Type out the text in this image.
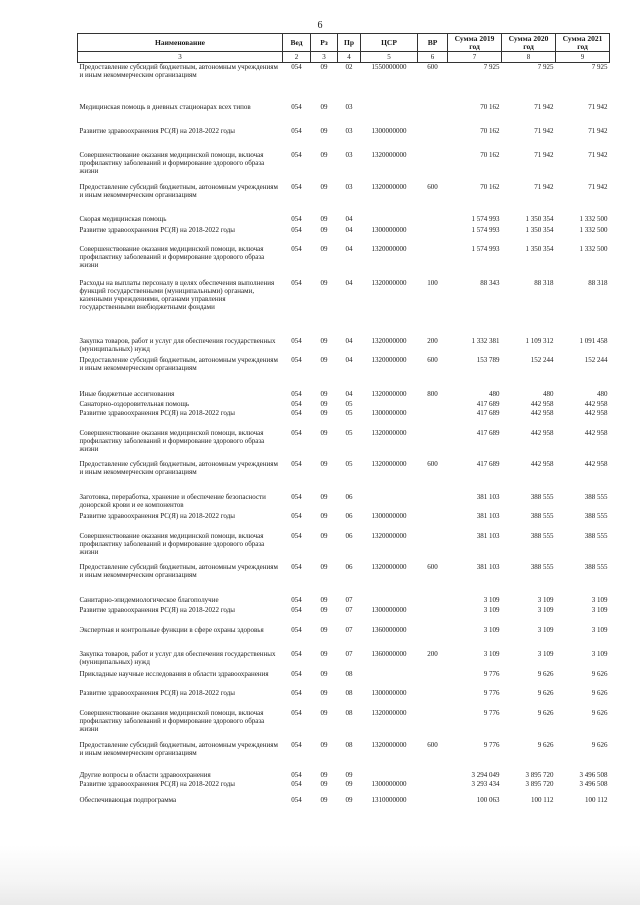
6
Наименование	Вед	Рз	Пр	ЦСР	ВР	Сумма 2019 год	Сумма 2020 год	Сумма 2021 год
3	2	3	4	5	6	7	8	9
Предоставление субсидий бюджетным, автономным учреждениям и иным некоммерческим организациям	054	09	02	1550000000	600	7 925	7 925	7 925
Медицинская помощь в дневных стационарах всех типов	054	09	03			70 162	71 942	71 942
Развитие здравоохранения РС(Я) на 2018-2022 годы	054	09	03	1300000000		70 162	71 942	71 942
Совершенствование оказания медицинской помощи, включая профилактику заболеваний и формирование здорового образа жизни	054	09	03	1320000000		70 162	71 942	71 942
Предоставление субсидий бюджетным, автономным учреждениям и иным некоммерческим организациям	054	09	03	1320000000	600	70 162	71 942	71 942
Скорая медицинская помощь	054	09	04			1 574 993	1 350 354	1 332 500
Развитие здравоохранения РС(Я) на 2018-2022 годы	054	09	04	1300000000		1 574 993	1 350 354	1 332 500
Совершенствование оказания медицинской помощи, включая профилактику заболеваний и формирование здорового образа жизни	054	09	04	1320000000		1 574 993	1 350 354	1 332 500
Расходы на выплаты персоналу в целях обеспечения выполнения функций государственными (муниципальными) органами, казенными учреждениями, органами управления государственными внебюджетными фондами	054	09	04	1320000000	100	88 343	88 318	88 318
Закупка товаров, работ и услуг для обеспечения государственных (муниципальных) нужд	054	09	04	1320000000	200	1 332 381	1 109 312	1 091 458
Предоставление субсидий бюджетным, автономным учреждениям и иным некоммерческим организациям	054	09	04	1320000000	600	153 789	152 244	152 244
Иные бюджетные ассигнования	054	09	04	1320000000	800	480	480	480
Санаторно-оздоровительная помощь	054	09	05			417 689	442 958	442 958
Развитие здравоохранения РС(Я) на 2018-2022 годы	054	09	05	1300000000		417 689	442 958	442 958
Совершенствование оказания медицинской помощи, включая профилактику заболеваний и формирование здорового образа жизни	054	09	05	1320000000		417 689	442 958	442 958
Предоставление субсидий бюджетным, автономным учреждениям и иным некоммерческим организациям	054	09	05	1320000000	600	417 689	442 958	442 958
Заготовка, переработка, хранение и обеспечение безопасности донорской крови и ее компонентов	054	09	06			381 103	388 555	388 555
Развитие здравоохранения РС(Я) на 2018-2022 годы	054	09	06	1300000000		381 103	388 555	388 555
Совершенствование оказания медицинской помощи, включая профилактику заболеваний и формирование здорового образа жизни	054	09	06	1320000000		381 103	388 555	388 555
Предоставление субсидий бюджетным, автономным учреждениям и иным некоммерческим организациям	054	09	06	1320000000	600	381 103	388 555	388 555
Санитарно-эпидемиологическое благополучие	054	09	07			3 109	3 109	3 109
Развитие здравоохранения РС(Я) на 2018-2022 годы	054	09	07	1300000000		3 109	3 109	3 109
Экспертная и контрольные функции в сфере охраны здоровья	054	09	07	1360000000		3 109	3 109	3 109
Закупка товаров, работ и услуг для обеспечения государственных (муниципальных) нужд	054	09	07	1360000000	200	3 109	3 109	3 109
Прикладные научные исследования в области здравоохранения	054	09	08			9 776	9 626	9 626
Развитие здравоохранения РС(Я) на 2018-2022 годы	054	09	08	1300000000		9 776	9 626	9 626
Совершенствование оказания медицинской помощи, включая профилактику заболеваний и формирование здорового образа жизни	054	09	08	1320000000		9 776	9 626	9 626
Предоставление субсидий бюджетным, автономным учреждениям и иным некоммерческим организациям	054	09	08	1320000000	600	9 776	9 626	9 626
Другие вопросы в области здравоохранения	054	09	09			3 294 049	3 895 720	3 496 508
Развитие здравоохранения РС(Я) на 2018-2022 годы	054	09	09	1300000000		3 293 434	3 895 720	3 496 508
Обеспечивающая подпрограмма	054	09	09	1310000000		100 063	100 112	100 112
